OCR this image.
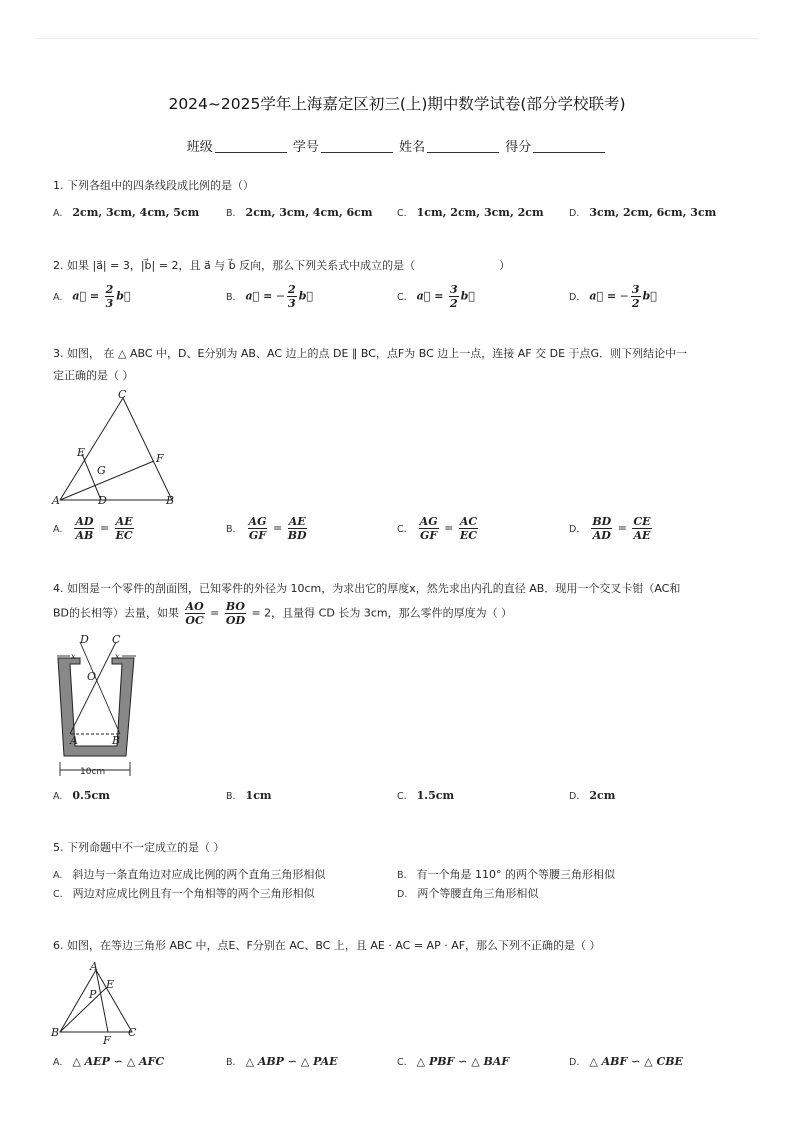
2024~2025学年上海嘉定区初三(上)期中数学试卷(部分学校联考)
班级	学号	姓名	得分
1. 下列各组中的四条线段成比例的是（）
A. 2cm, 3cm, 4cm, 5cm	B. 2cm, 3cm, 4cm, 6cm	C. 1cm, 2cm, 3cm, 2cm	D. 3cm, 2cm, 6cm, 3cm
2. 如果 |a⃗| = 3，|b⃗| = 2，且 a⃗ 与 b⃗ 反向，那么下列关系式中成立的是（	）
A. a⃗ = $\frac{2}{3}$ b⃗	B. a⃗ = − $\frac{2}{3}$ b⃗	C. a⃗ = $\frac{3}{2}$ b⃗	D. a⃗ = − $\frac{3}{2}$ b⃗
3. 如图， 在 △ ABC 中，D、E分别为 AB、AC 边上的点 DE ∥ BC，点F为 BC 边上一点，连接 AF 交 DE 于点G．则下列结论中一
定正确的是（ ）
C
E	F
G
A	D	B
A. $\frac{AD}{AB} = \frac{AE}{EC}$	B. $\frac{AG}{GF} = \frac{AE}{BD}$	C. $\frac{AG}{GF} = \frac{AC}{EC}$	D. $\frac{BD}{AD} = \frac{CE}{AE}$
4. 如图是一个零件的剖面图，已知零件的外径为 10cm，为求出它的厚度x，然先求出内孔的直径 AB．现用一个交叉卡钳（AC和
BD的长相等）去量，如果 $\frac{AO}{OC} = \frac{BO}{OD} = 2$，且量得 CD 长为 3cm，那么零件的厚度为（ ）
D C
O
A	B
x	x
10cm
A. 0.5cm	B. 1cm	C. 1.5cm	D. 2cm
5. 下列命题中不一定成立的是（ ）
A. 斜边与一条直角边对应成比例的两个直角三角形相似	B. 有一个角是 110° 的两个等腰三角形相似
C. 两边对应成比例且有一个角相等的两个三角形相似	D. 两个等腰直角三角形相似
6. 如图，在等边三角形 ABC 中，点E、F分别在 AC、BC 上，且 AE · AC = AP · AF，那么下列不正确的是（ ）
A
E
P
B	C
F
A. △ AEP ∽ △ AFC	B. △ ABP ∽ △ PAE	C. △ PBF ∽ △ BAF	D. △ ABF ∽ △ CBE
